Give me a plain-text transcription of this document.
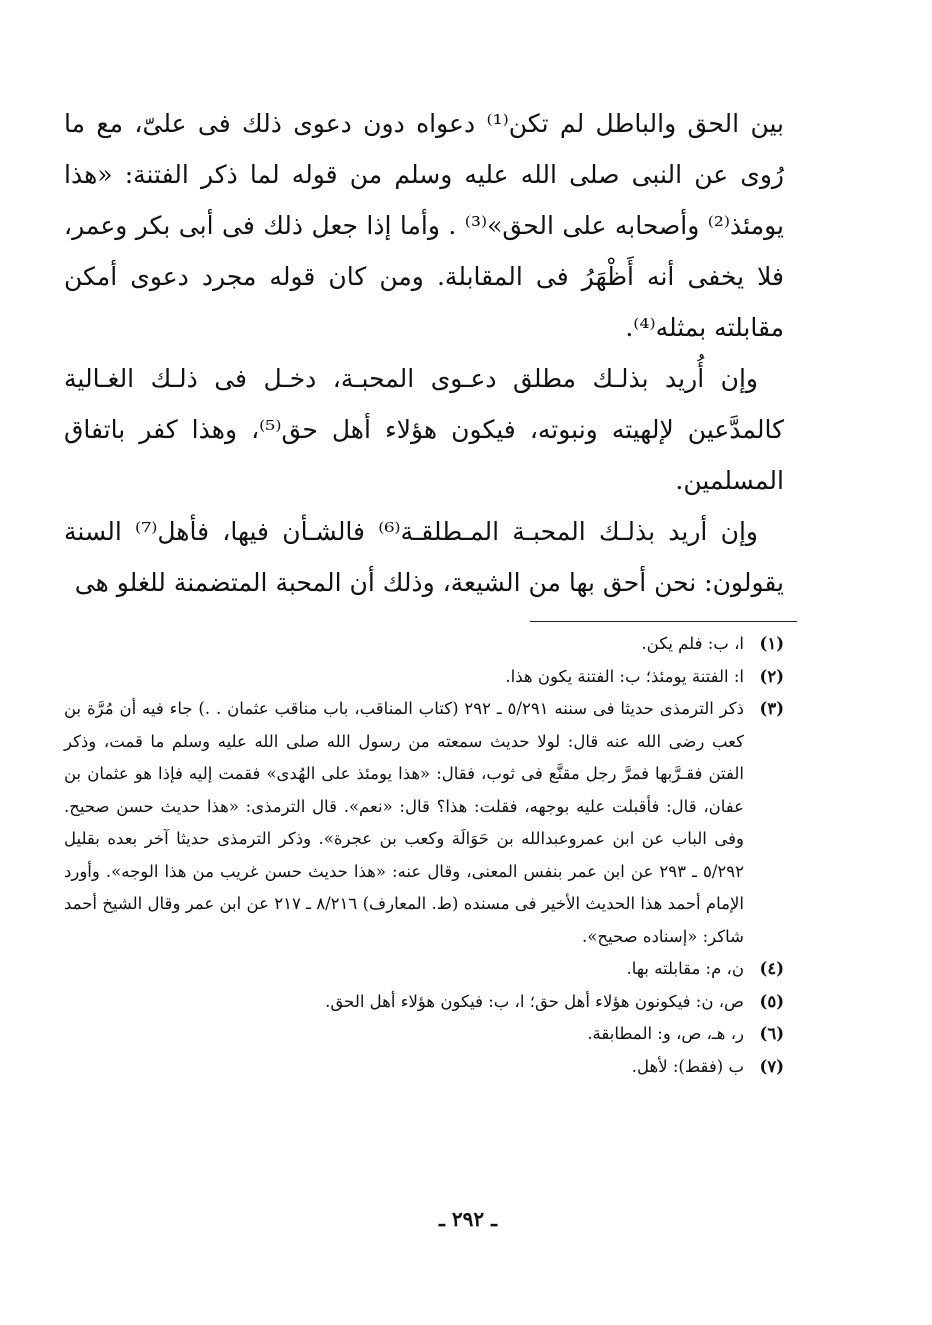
بين الحق والباطل لم تكن⁽¹⁾ دعواه دون دعوى ذلك فى علىّ، مع ما رُوى عن النبى صلى الله عليه وسلم من قوله لما ذكر الفتنة: «هذا يومئذ⁽²⁾ وأصحابه على الحق»⁽³⁾ . وأما إذا جعل ذلك فى أبى بكر وعمر، فلا يخفى أنه أَظْهَرُ فى المقابلة. ومن كان قوله مجرد دعوى أمكن مقابلته بمثله⁽⁴⁾.

وإن أُريد بذلـك مطلق دعـوى المحبـة، دخـل فى ذلـك الغـالية كالمدَّعين لإلهيته ونبوته، فيكون هؤلاء أهل حق⁽⁵⁾، وهذا كفر باتفاق المسلمين.

وإن أريد بذلـك المحبـة المـطلقـة⁽⁶⁾ فالشـأن فيها، فأهل⁽⁷⁾ السنة يقولون: نحن أحق بها من الشيعة، وذلك أن المحبة المتضمنة للغلو هى

(١)
ا، ب: فلم يكن.
(٢)
ا: الفتنة يومئذ؛ ب: الفتنة يكون هذا.
(٣)
ذكر الترمذى حديثا فى سننه ٥/٢٩١ ـ ٢٩٢ (كتاب المناقب، باب مناقب عثمان . .) جاء فيه أن مُرَّة بن كعب رضى الله عنه قال: لولا حديث سمعته من رسول الله صلى الله عليه وسلم ما قمت، وذكر الفتن فقـرَّبها فمرَّ رجل مقنَّع فى ثوب، فقال: «هذا يومئذ على الهُدى» فقمت إليه فإذا هو عثمان بن عفان، قال: فأقبلت عليه بوجهه، فقلت: هذا؟ قال: «نعم». قال الترمذى: «هذا حديث حسن صحيح. وفى الباب عن ابن عمروعبدالله بن حَوَالَة وكعب بن عجرة». وذكر الترمذى حديثا آخر بعده بقليل ٥/٢٩٢ ـ ٢٩٣ عن ابن عمر بنفس المعنى، وقال عنه: «هذا حديث حسن غريب من هذا الوجه». وأورد الإمام أحمد هذا الحديث الأخير فى مسنده (ط. المعارف) ٨/٢١٦ ـ ٢١٧ عن ابن عمر وقال الشيخ أحمد شاكر: «إسناده صحيح».
(٤)
ن، م: مقابلته بها.
(٥)
ص، ن: فيكونون هؤلاء أهل حق؛ ا، ب: فيكون هؤلاء أهل الحق.
(٦)
ر، هـ، ص، و: المطابقة.
(٧)
ب (فقط): لأهل.
ـ ٢٩٢ ـ
